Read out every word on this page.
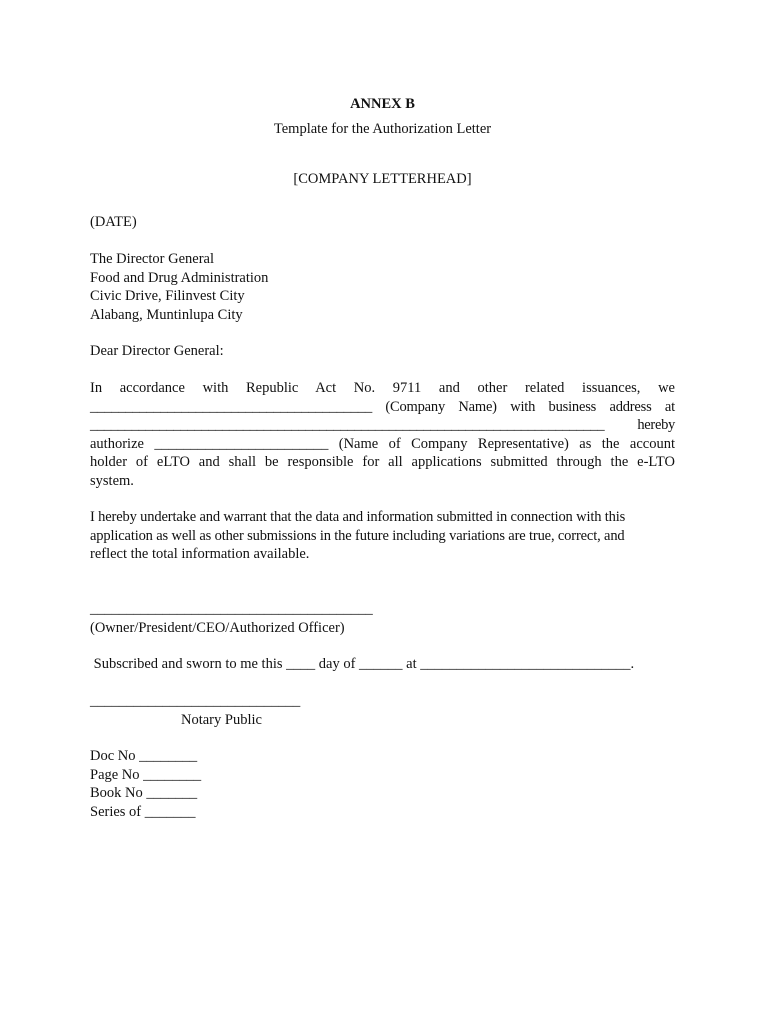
ANNEX B
Template for the Authorization Letter
[COMPANY LETTERHEAD]
(DATE)
The Director General
Food and Drug Administration
Civic Drive, Filinvest City
Alabang, Muntinlupa City
Dear Director General:
In accordance with Republic Act No. 9711 and other related issuances, we
________________________________________ (Company Name) with business address at
__________________________________________________________________________ hereby
authorize ________________________ (Name of Company Representative) as the account
holder of eLTO and shall be responsible for all applications submitted through the e-LTO
system.
I hereby undertake and warrant that the data and information submitted in connection with this
application as well as other submissions in the future including variations are true, correct, and
reflect the total information available.
_______________________________________
(Owner/President/CEO/Authorized Officer)
Subscribed and sworn to me this ____ day of ______ at _____________________________.
_____________________________
Notary Public
Doc No ________
Page No ________
Book No _______
Series of _______
